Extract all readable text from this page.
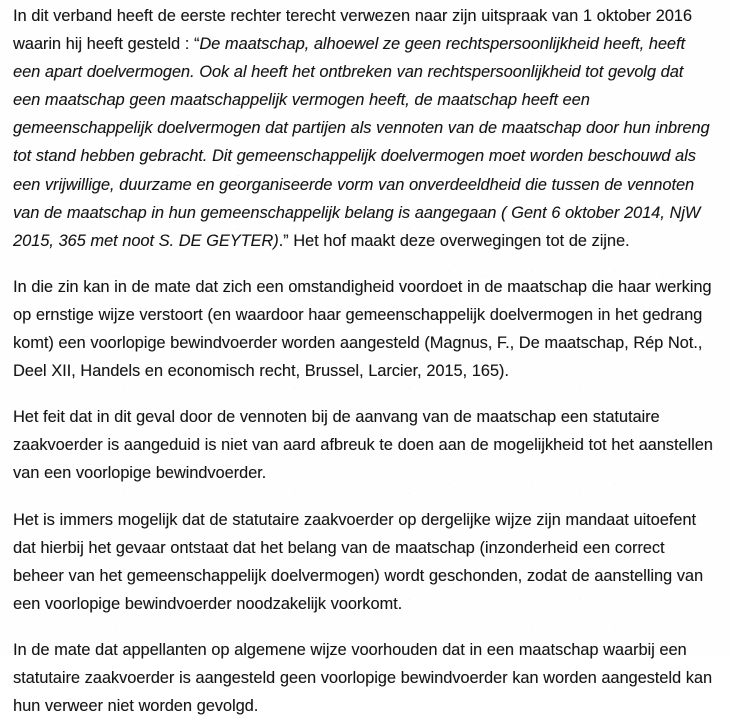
In dit verband heeft de eerste rechter terecht verwezen naar zijn uitspraak van 1 oktober 2016 waarin hij heeft gesteld : “De maatschap, alhoewel ze geen rechtspersoonlijkheid heeft, heeft een apart doelvermogen. Ook al heeft het ontbreken van rechtspersoonlijkheid tot gevolg dat een maatschap geen maatschappelijk vermogen heeft, de maatschap heeft een gemeenschappelijk doelvermogen dat partijen als vennoten van de maatschap door hun inbreng tot stand hebben gebracht. Dit gemeenschappelijk doelvermogen moet worden beschouwd als een vrijwillige, duurzame en georganiseerde vorm van onverdeeldheid die tussen de vennoten van de maatschap in hun gemeenschappelijk belang is aangegaan ( Gent 6 oktober 2014, NjW 2015, 365 met noot S. DE GEYTER).” Het hof maakt deze overwegingen tot de zijne.

In die zin kan in de mate dat zich een omstandigheid voordoet in de maatschap die haar werking op ernstige wijze verstoort (en waardoor haar gemeenschappelijk doelvermogen in het gedrang komt) een voorlopige bewindvoerder worden aangesteld (Magnus, F., De maatschap, Rép Not., Deel XII, Handels en economisch recht, Brussel, Larcier, 2015, 165).

Het feit dat in dit geval door de vennoten bij de aanvang van de maatschap een statutaire zaakvoerder is aangeduid is niet van aard afbreuk te doen aan de mogelijkheid tot het aanstellen van een voorlopige bewindvoerder.

Het is immers mogelijk dat de statutaire zaakvoerder op dergelijke wijze zijn mandaat uitoefent dat hierbij het gevaar ontstaat dat het belang van de maatschap (inzonderheid een correct beheer van het gemeenschappelijk doelvermogen) wordt geschonden, zodat de aanstelling van een voorlopige bewindvoerder noodzakelijk voorkomt.

In de mate dat appellanten op algemene wijze voorhouden dat in een maatschap waarbij een statutaire zaakvoerder is aangesteld geen voorlopige bewindvoerder kan worden aangesteld kan hun verweer niet worden gevolgd.
